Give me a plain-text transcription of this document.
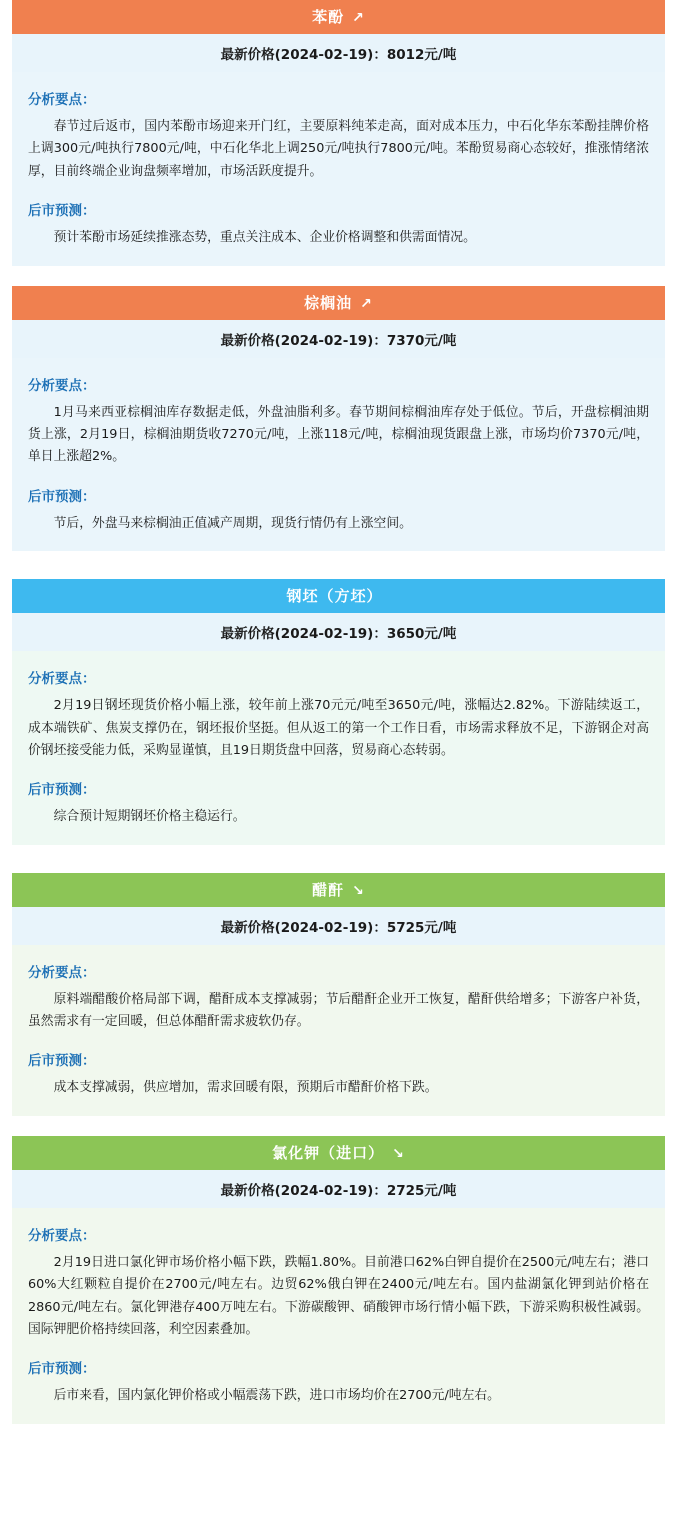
苯酚 ↗
最新价格(2024-02-19)：8012元/吨
分析要点：

春节过后返市，国内苯酚市场迎来开门红，主要原料纯苯走高，面对成本压力，中石化华东苯酚挂牌价格上调300元/吨执行7800元/吨，中石化华北上调250元/吨执行7800元/吨。苯酚贸易商心态较好，推涨情绪浓厚，目前终端企业询盘频率增加，市场活跃度提升。

后市预测：

预计苯酚市场延续推涨态势，重点关注成本、企业价格调整和供需面情况。

棕榈油 ↗
最新价格(2024-02-19)：7370元/吨
分析要点：

1月马来西亚棕榈油库存数据走低，外盘油脂利多。春节期间棕榈油库存处于低位。节后，开盘棕榈油期货上涨，2月19日，棕榈油期货收7270元/吨，上涨118元/吨，棕榈油现货跟盘上涨，市场均价7370元/吨，单日上涨超2%。

后市预测：

节后，外盘马来棕榈油正值减产周期，现货行情仍有上涨空间。

钢坯（方坯）
最新价格(2024-02-19)：3650元/吨
分析要点：

2月19日钢坯现货价格小幅上涨，较年前上涨70元元/吨至3650元/吨，涨幅达2.82%。下游陆续返工，成本端铁矿、焦炭支撑仍在，钢坯报价坚挺。但从返工的第一个工作日看，市场需求释放不足，下游钢企对高价钢坯接受能力低，采购显谨慎，且19日期货盘中回落，贸易商心态转弱。

后市预测：

综合预计短期钢坯价格主稳运行。

醋酐 ↘
最新价格(2024-02-19)：5725元/吨
分析要点：

原料端醋酸价格局部下调，醋酐成本支撑减弱；节后醋酐企业开工恢复，醋酐供给增多；下游客户补货，虽然需求有一定回暖，但总体醋酐需求疲软仍存。

后市预测：

成本支撑减弱，供应增加，需求回暖有限，预期后市醋酐价格下跌。

氯化钾（进口） ↘
最新价格(2024-02-19)：2725元/吨
分析要点：

2月19日进口氯化钾市场价格小幅下跌，跌幅1.80%。目前港口62%白钾自提价在2500元/吨左右；港口60%大红颗粒自提价在2700元/吨左右。边贸62%俄白钾在2400元/吨左右。国内盐湖氯化钾到站价格在2860元/吨左右。氯化钾港存400万吨左右。下游碳酸钾、硝酸钾市场行情小幅下跌，下游采购积极性减弱。国际钾肥价格持续回落，利空因素叠加。

后市预测：

后市来看，国内氯化钾价格或小幅震荡下跌，进口市场均价在2700元/吨左右。
